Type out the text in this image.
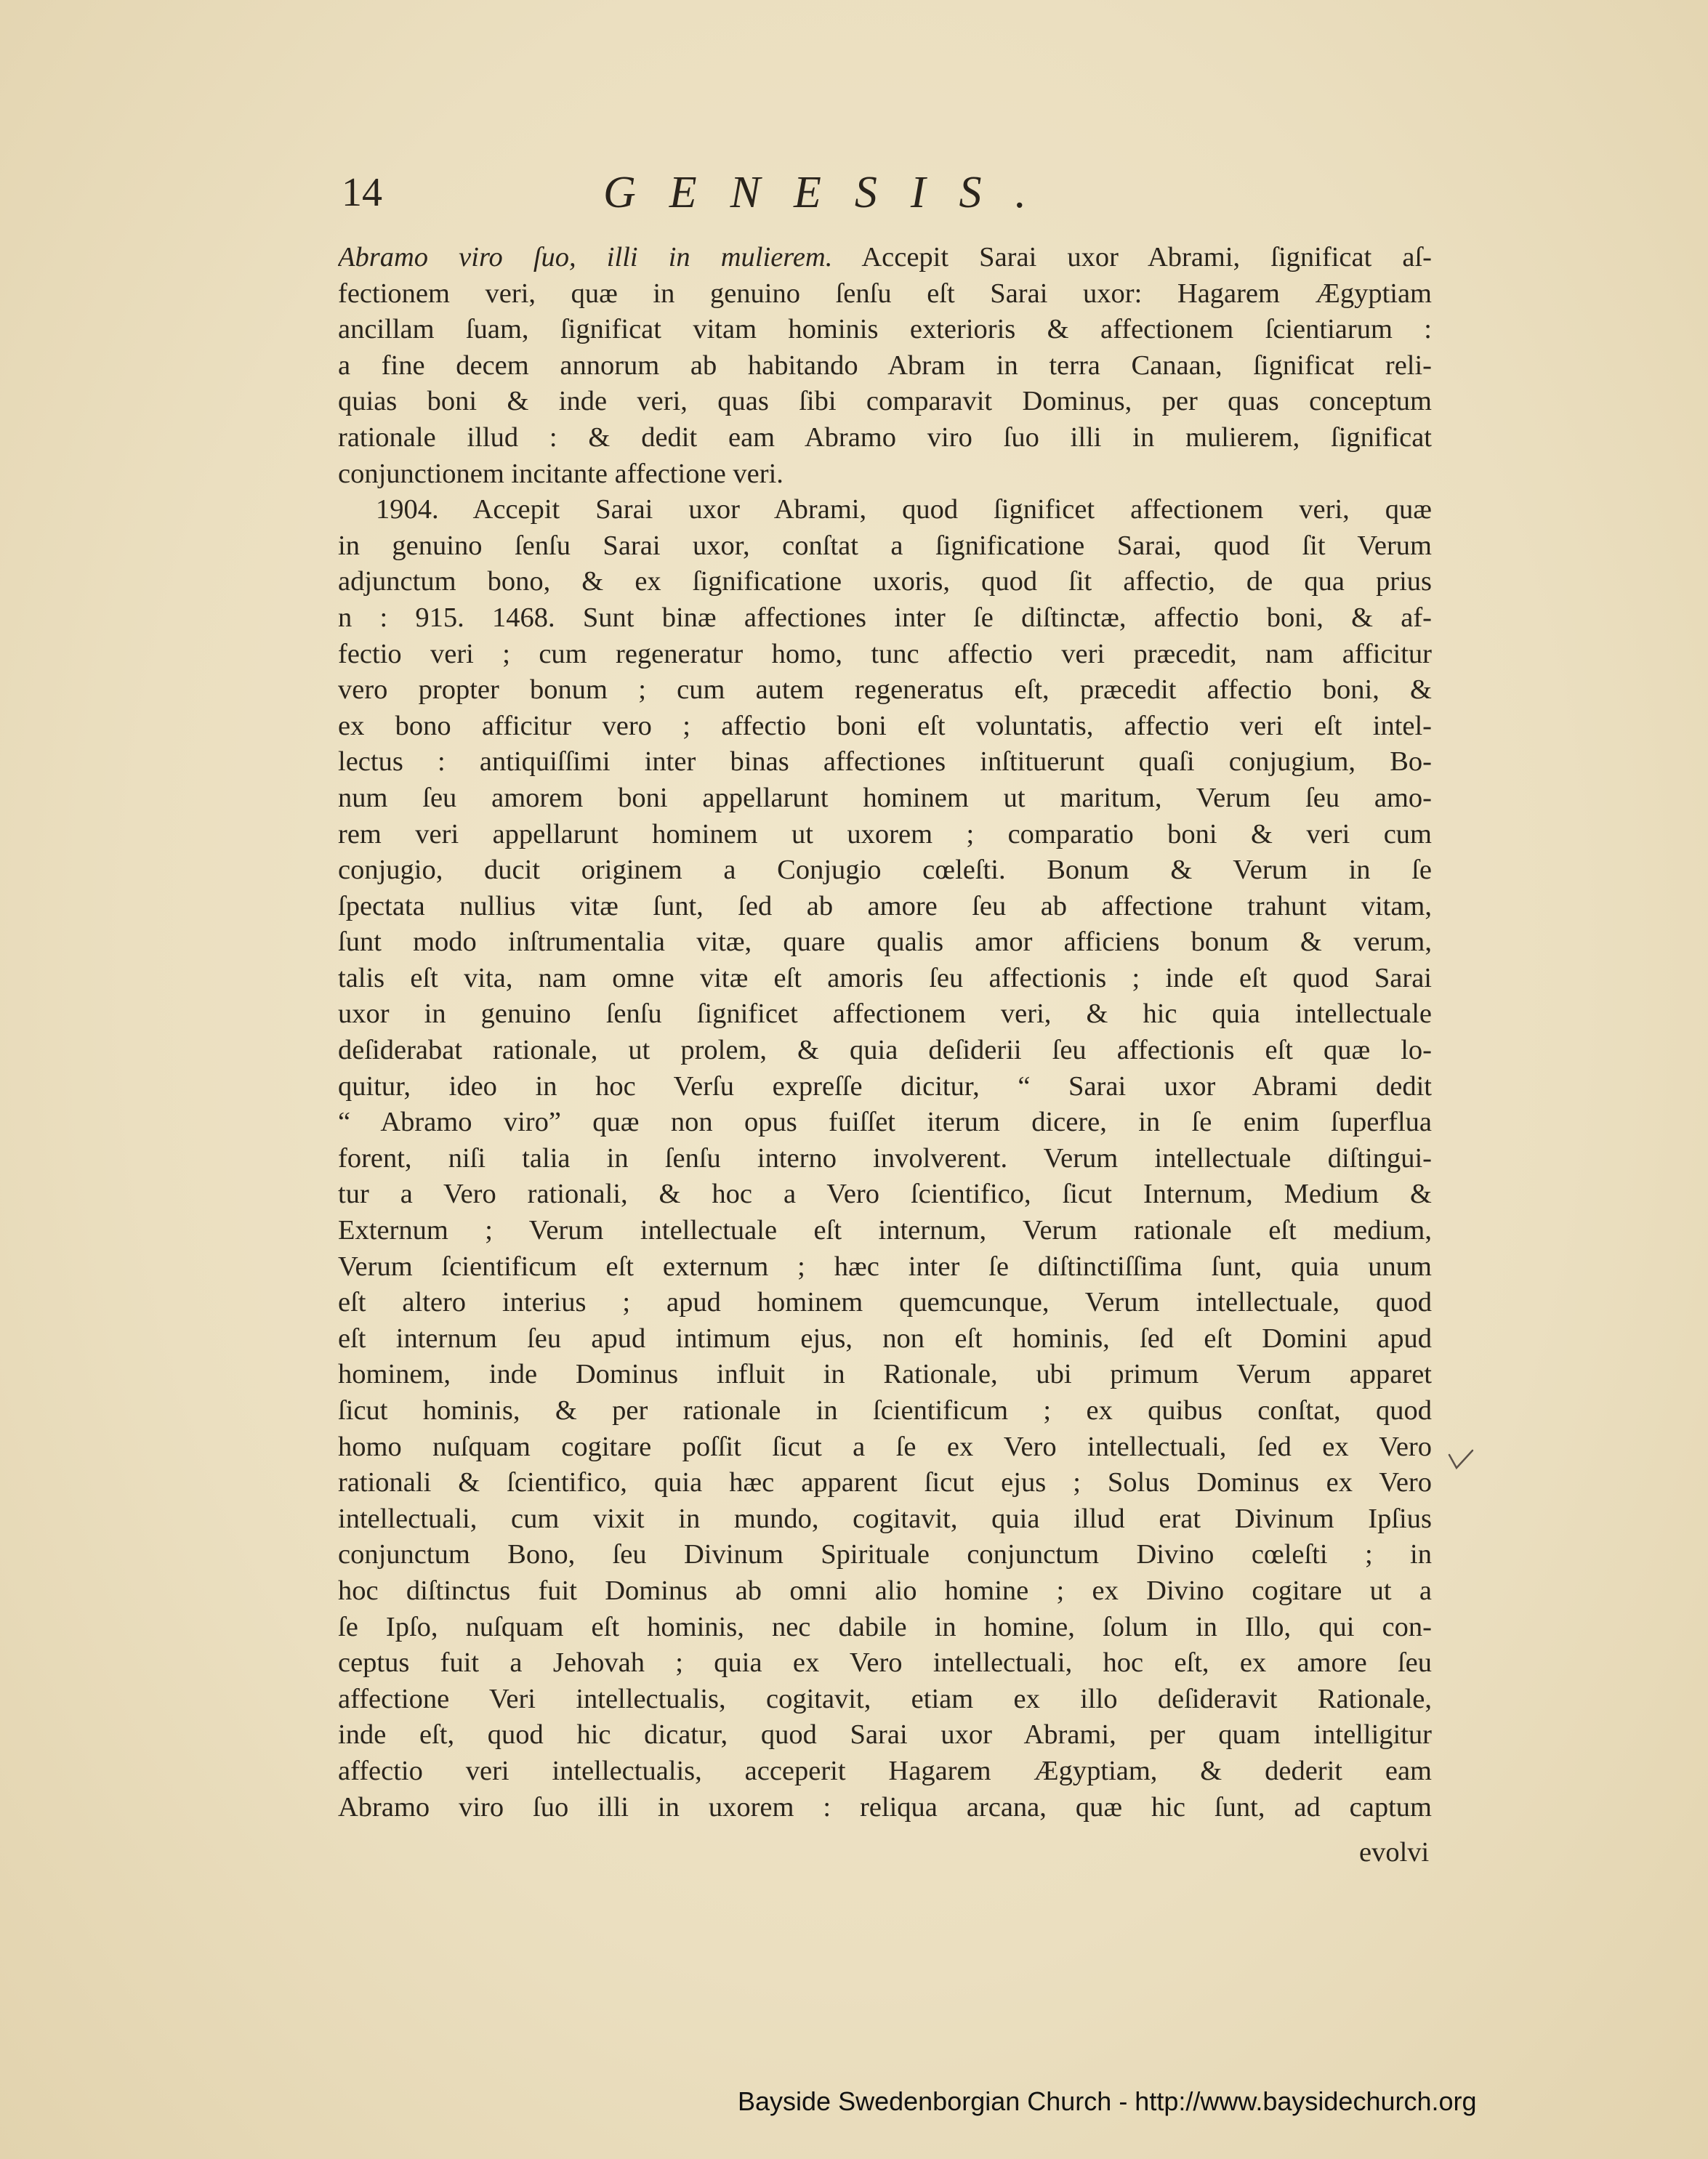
14	GENESIS.
Abramo viro ſuo, illi in mulierem. Accepit Sarai uxor Abrami, ſignificat aſ-
fectionem veri, quæ in genuino ſenſu eſt Sarai uxor: Hagarem Ægyptiam
ancillam ſuam, ſignificat vitam hominis exterioris & affectionem ſcientiarum :
a fine decem annorum ab habitando Abram in terra Canaan, ſignificat reli-
quias boni & inde veri, quas ſibi comparavit Dominus, per quas conceptum
rationale illud : & dedit eam Abramo viro ſuo illi in mulierem, ſignificat
conjunctionem incitante affectione veri.
1904. Accepit Sarai uxor Abrami, quod ſignificet affectionem veri, quæ
in genuino ſenſu Sarai uxor, conſtat a ſignificatione Sarai, quod ſit Verum
adjunctum bono, & ex ſignificatione uxoris, quod ſit affectio, de qua prius
n : 915. 1468. Sunt binæ affectiones inter ſe diſtinctæ, affectio boni, & af-
fectio veri ; cum regeneratur homo, tunc affectio veri præcedit, nam afficitur
vero propter bonum ; cum autem regeneratus eſt, præcedit affectio boni, &
ex bono afficitur vero ; affectio boni eſt voluntatis, affectio veri eſt intel-
lectus : antiquiſſimi inter binas affectiones inſtituerunt quaſi conjugium, Bo-
num ſeu amorem boni appellarunt hominem ut maritum, Verum ſeu amo-
rem veri appellarunt hominem ut uxorem ; comparatio boni & veri cum
conjugio, ducit originem a Conjugio cœleſti. Bonum & Verum in ſe
ſpectata nullius vitæ ſunt, ſed ab amore ſeu ab affectione trahunt vitam,
ſunt modo inſtrumentalia vitæ, quare qualis amor afficiens bonum & verum,
talis eſt vita, nam omne vitæ eſt amoris ſeu affectionis ; inde eſt quod Sarai
uxor in genuino ſenſu ſignificet affectionem veri, & hic quia intellectuale
deſiderabat rationale, ut prolem, & quia deſiderii ſeu affectionis eſt quæ lo-
quitur, ideo in hoc Verſu expreſſe dicitur, “ Sarai uxor Abrami dedit
“ Abramo viro” quæ non opus fuiſſet iterum dicere, in ſe enim ſuperflua
forent, niſi talia in ſenſu interno involverent. Verum intellectuale diſtingui-
tur a Vero rationali, & hoc a Vero ſcientifico, ſicut Internum, Medium &
Externum ; Verum intellectuale eſt internum, Verum rationale eſt medium,
Verum ſcientificum eſt externum ; hæc inter ſe diſtinctiſſima ſunt, quia unum
eſt altero interius ; apud hominem quemcunque, Verum intellectuale, quod
eſt internum ſeu apud intimum ejus, non eſt hominis, ſed eſt Domini apud
hominem, inde Dominus influit in Rationale, ubi primum Verum apparet
ſicut hominis, & per rationale in ſcientificum ; ex quibus conſtat, quod
homo nuſquam cogitare poſſit ſicut a ſe ex Vero intellectuali, ſed ex Vero
rationali & ſcientifico, quia hæc apparent ſicut ejus ; Solus Dominus ex Vero
intellectuali, cum vixit in mundo, cogitavit, quia illud erat Divinum Ipſius
conjunctum Bono, ſeu Divinum Spirituale conjunctum Divino cœleſti ; in
hoc diſtinctus fuit Dominus ab omni alio homine ; ex Divino cogitare ut a
ſe Ipſo, nuſquam eſt hominis, nec dabile in homine, ſolum in Illo, qui con-
ceptus fuit a Jehovah ; quia ex Vero intellectuali, hoc eſt, ex amore ſeu
affectione Veri intellectualis, cogitavit, etiam ex illo deſideravit Rationale,
inde eſt, quod hic dicatur, quod Sarai uxor Abrami, per quam intelligitur
affectio veri intellectualis, acceperit Hagarem Ægyptiam, & dederit eam
Abramo viro ſuo illi in uxorem : reliqua arcana, quæ hic ſunt, ad captum
evolvi
Bayside Swedenborgian Church - http://www.baysidechurch.org
